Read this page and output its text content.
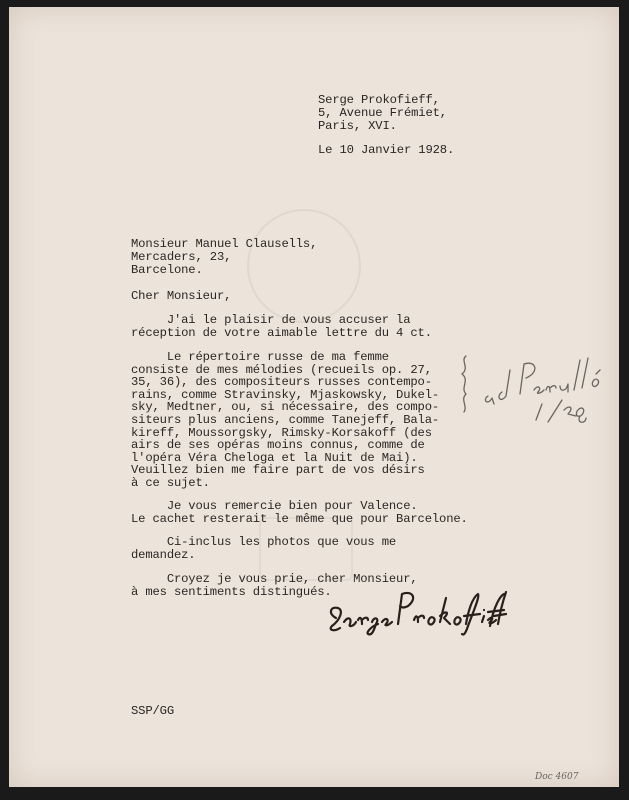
Serge Prokofieff,
5, Avenue Frémiet,
Paris, XVI.
Le 10 Janvier 1928.
Monsieur Manuel Clausells,
Mercaders, 23,
Barcelone.
Cher Monsieur,
J'ai le plaisir de vous accuser la
réception de votre aimable lettre du 4 ct.
Le répertoire russe de ma femme
consiste de mes mélodies (recueils op. 27,
35, 36), des compositeurs russes contempo-
rains, comme Stravinsky, Mjaskowsky, Dukel-
sky, Medtner, ou, si nécessaire, des compo-
siteurs plus anciens, comme Tanejeff, Bala-
kireff, Moussorgsky, Rimsky-Korsakoff (des
airs de ses opéras moins connus, comme de
l'opéra Véra Cheloga et la Nuit de Mai).
Veuillez bien me faire part de vos désirs
à ce sujet.
Je vous remercie bien pour Valence.
Le cachet resterait le même que pour Barcelone.
Ci-inclus les photos que vous me
demandez.
Croyez je vous prie, cher Monsieur,
à mes sentiments distingués.
18/1/28
SSP/GG
Doc 4607
